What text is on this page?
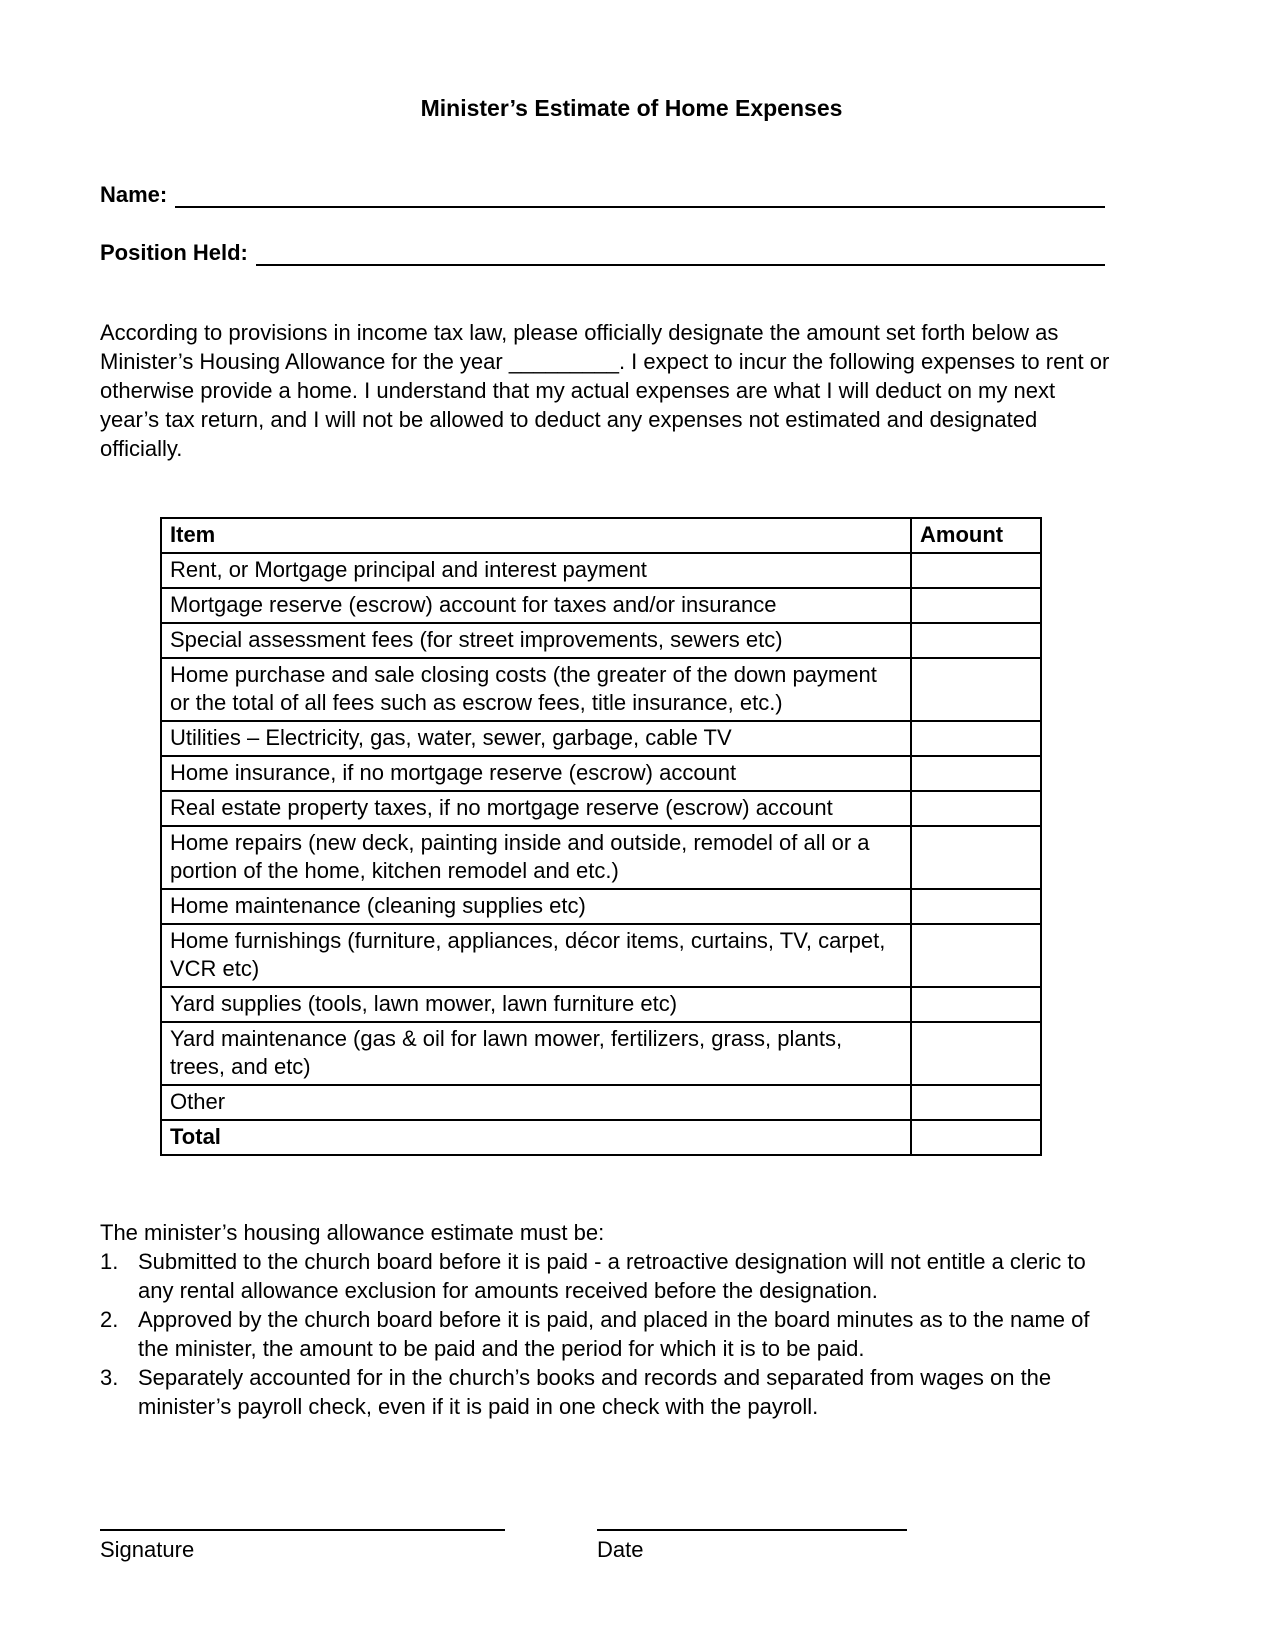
Minister’s Estimate of Home Expenses
Name:
Position Held:
According to provisions in income tax law, please officially designate the amount set forth below as Minister’s Housing Allowance for the year _________. I expect to incur the following expenses to rent or otherwise provide a home. I understand that my actual expenses are what I will deduct on my next year’s tax return, and I will not be allowed to deduct any expenses not estimated and designated officially.
Item	Amount
Rent, or Mortgage principal and interest payment	
Mortgage reserve (escrow) account for taxes and/or insurance	
Special assessment fees (for street improvements, sewers etc)	
Home purchase and sale closing costs (the greater of the down payment or the total of all fees such as escrow fees, title insurance, etc.)	
Utilities – Electricity, gas, water, sewer, garbage, cable TV	
Home insurance, if no mortgage reserve (escrow) account	
Real estate property taxes, if no mortgage reserve (escrow) account	
Home repairs (new deck, painting inside and outside, remodel of all or a portion of the home, kitchen remodel and etc.)	
Home maintenance (cleaning supplies etc)	
Home furnishings (furniture, appliances, décor items, curtains, TV, carpet, VCR etc)	
Yard supplies (tools, lawn mower, lawn furniture etc)	
Yard maintenance (gas & oil for lawn mower, fertilizers, grass, plants, trees, and etc)	
Other	
Total	
The minister’s housing allowance estimate must be:
1. Submitted to the church board before it is paid - a retroactive designation will not entitle a cleric to any rental allowance exclusion for amounts received before the designation.
2. Approved by the church board before it is paid, and placed in the board minutes as to the name of the minister, the amount to be paid and the period for which it is to be paid.
3. Separately accounted for in the church’s books and records and separated from wages on the minister’s payroll check, even if it is paid in one check with the payroll.
Signature	Date
